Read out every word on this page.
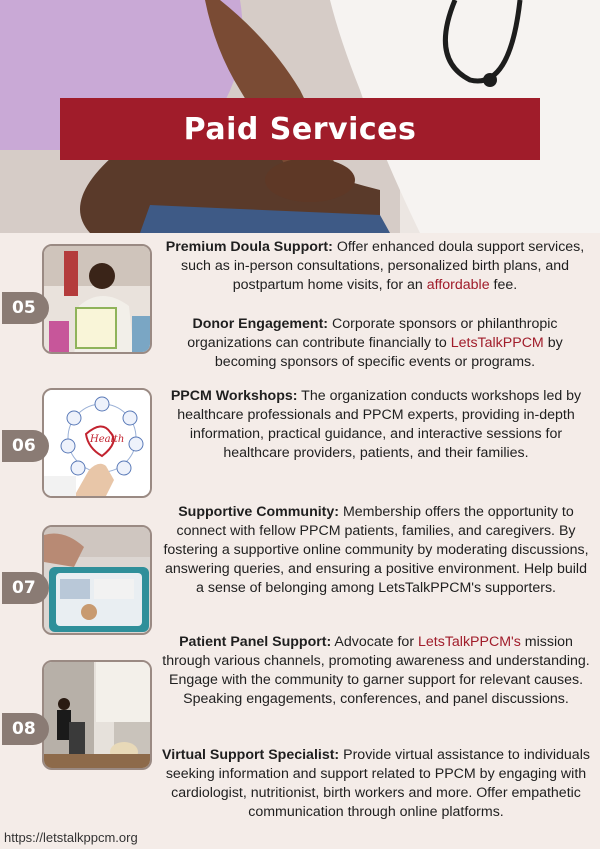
Paid Services
05
Premium Doula Support: Offer enhanced doula support services, such as in-person consultations, personalized birth plans, and postpartum home visits, for an affordable fee.
Donor Engagement: Corporate sponsors or philanthropic organizations can contribute financially to LetsTalkPPCM by becoming sponsors of specific events or programs.
Health
06
PPCM Workshops: The organization conducts workshops led by healthcare professionals and PPCM experts, providing in-depth information, practical guidance, and interactive sessions for healthcare providers, patients, and their families.
07
Supportive Community: Membership offers the opportunity to connect with fellow PPCM patients, families, and caregivers. By fostering a supportive online community by moderating discussions, answering queries, and ensuring a positive environment. Help build a sense of belonging among LetsTalkPPCM's supporters.
08
Patient Panel Support: Advocate for LetsTalkPPCM's mission through various channels, promoting awareness and understanding. Engage with the community to garner support for relevant causes. Speaking engagements, conferences, and panel discussions.
Virtual Support Specialist: Provide virtual assistance to individuals seeking information and support related to PPCM by engaging with cardiologist, nutritionist, birth workers and more. Offer empathetic communication through online platforms.
https://letstalkppcm.org
